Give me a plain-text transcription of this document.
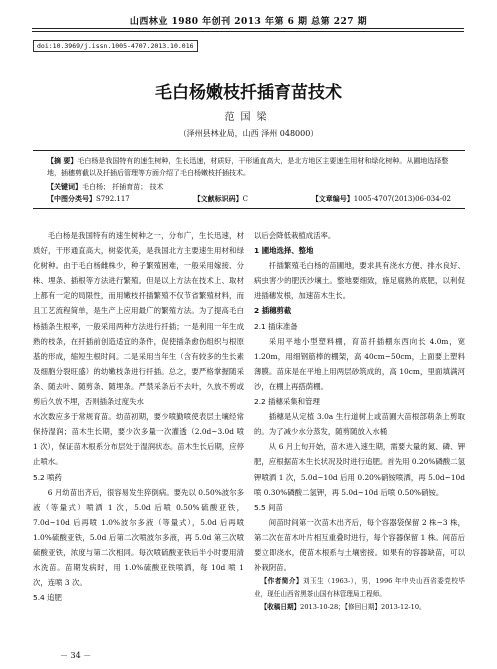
山西林业 1980 年创刊 2013 年第 6 期 总第 227 期
doi:10.3969/j.issn.1005-4707.2013.10.016
毛白杨嫩枝扦插育苗技术
范国梁
（泽州县林业局，山西 泽州 048000）
【摘 要】毛白杨是我国特有的速生树种，生长迅速，材质好，干形通直高大，是北方地区主要速生用材和绿化树种。从圃地选择整地，插穗剪截以及扦插后管理等方面介绍了毛白杨嫩枝扦插技术。
【关键词】 毛白杨； 扦插育苗； 技术
【中图分类号】S792.117	【文献标识码】C	【文章编号】1005-4707(2013)06-034-02

毛白杨是我国特有的速生树种之一，分布广，生长迅速，材质好，干形通直高大，树姿优美，是我国北方主要速生用材和绿化树种。由于毛白杨雌株少，种子繁殖困难，一般采用嫁接、分株、埋条、插根等方法进行繁殖。但是以上方法在技术上、取材上都有一定的局限性，而用嫩枝扦插繁殖不仅节省繁殖材料，而且工艺流程简单，是生产上应用最广的繁殖方法。为了提高毛白杨插条生根率，一般采用两种方法进行扦插；一是利用一年生成熟的枝条，在扦插前创造适宜的条件，促使插条愈伤组织与根原基的形成，缩短生根时间。二是采用当年生（含有较多的生长素及细胞分裂旺盛）的幼嫩枝条进行扦插。总之，要严格掌握随采条、随去叶、随剪条、随埋条。严禁采条后不去叶，久放不剪或剪后久放不埋，否则插条过度失水

水次数应多于常规育苗。幼苗初期，要少喷勤喷使表层土壤经常保持湿润；苗木生长期，要少次多量一次灌透（2.0d~3.0d 喷 1 次），保证苗木根系分布层处于湿润状态。苗木生长后期，应停止喷水。

5.2 喷药

6 月幼苗出齐后，很容易发生猝倒病。要先以 0.50%波尔多液（等量式）喷洒 1 次，5.0d 后喷 0.50%硫酸亚铁，7.0d~10d 后再喷 1.0%波尔多液（等量式），5.0d 后再喷 1.0%硫酸亚铁，5.0d 后第二次喷波尔多液，再 5.0d 第三次喷硫酸亚铁，浓度与第二次相同。每次喷硫酸亚铁后半小时要用清水洗苗。苗期发病时，用 1.0%硫酸亚铁喷洒，每 10d 喷 1 次，连喷 3 次。

5.4 追肥

以后会降低栽植成活率。

1 圃地选择、整地

扦插繁殖毛白杨的苗圃地，要求具有浇水方便、排水良好、病虫害少的肥沃沙壤土。整地要细致，施足腐熟的底肥，以利促进插穗发根，加速苗木生长。

2 插穗剪截
2.1 插床准备

采用平地小型塑料棚，育苗扦插棚东西向长 4.0m，宽 1.20m，用细钢筋棒的棚架，高 40cm~50cm，上面要上塑料薄膜。苗床是在平地上用两层砂筑成的，高 10cm，里面填满河沙，在棚上再搭荫棚。

2.2 插穗采集和管理

插穗是从定植 3.0a 生行道树上或苗圃大苗根部萌条上剪取的。为了减少水分蒸发，随剪随放入水桶

从 6 月上旬开始，苗木进入速生期，需要大量的氮、磷、钾肥，应根据苗木生长状况及时进行追肥。首先用 0.20%磷酸二氢钾喷洒 1 次，5.0d~10d 后用 0.20%硝铵喷洒，再 5.0d~10d 喷 0.30%磷酸二氢钾，再 5.0d~10d 后喷 0.50%硝铵。

5.5 间苗

间苗时间第一次苗木出齐后，每个容器袋保留 2 株~3 株，第二次在苗木叶片相互重叠时进行，每个容器保留 1 株。间苗后要立即浇水，使苗木根系与土壤密接。如果有的容器缺苗，可以补栽阴苗。

【作者简介】刘玉生（1963-），男，1996 年中央山西省委党校毕业，现任山西省黑茶山国有林管理局工程师。
【收稿日期】2013-10-28；【修回日期】2013-12-10。
－ 34 －
